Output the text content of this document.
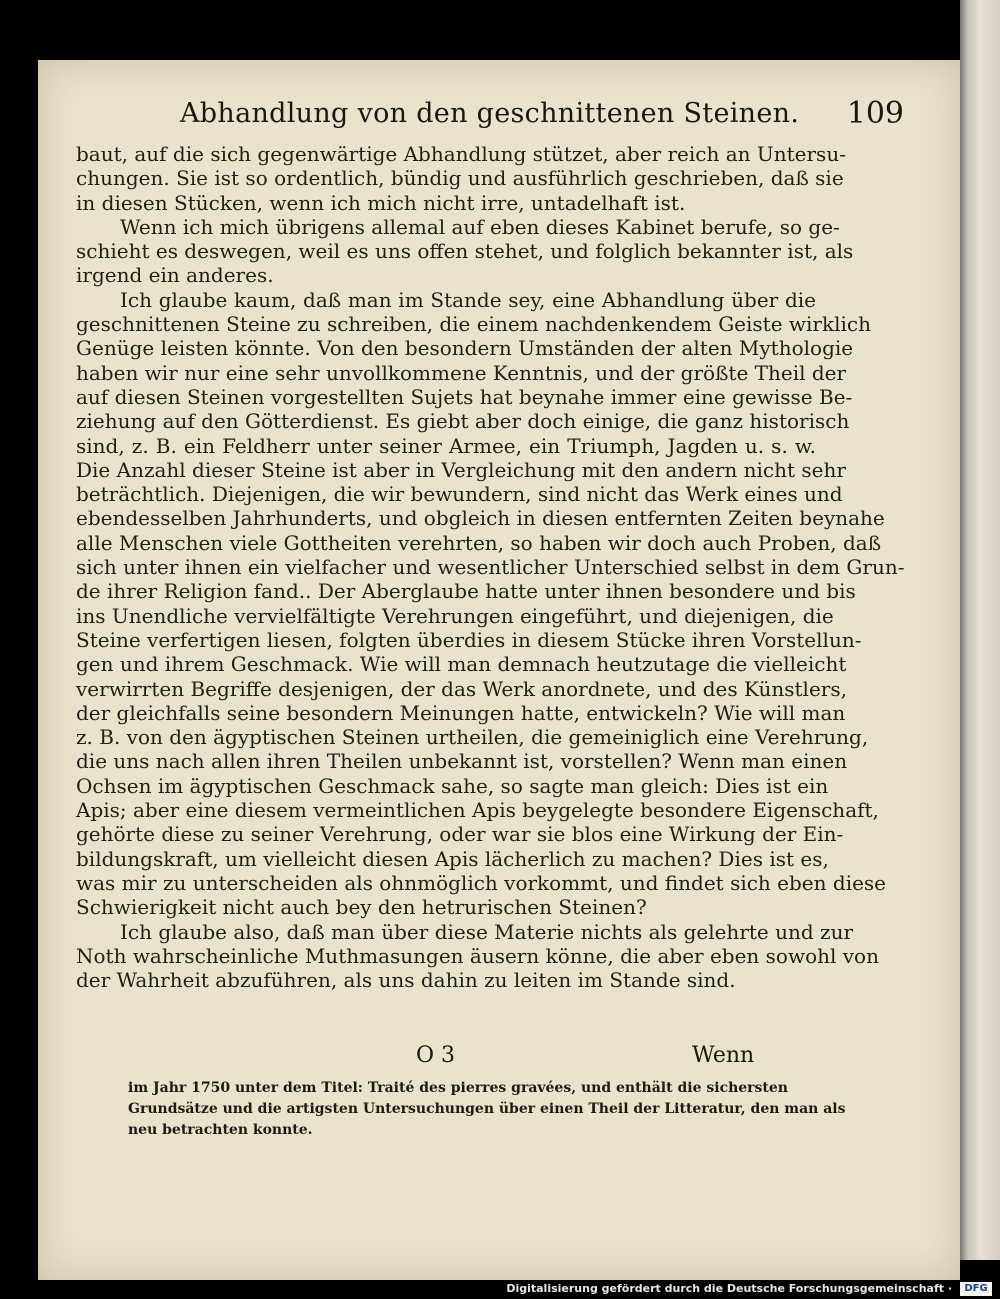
Abhandlung von den geschnittenen Steinen. 109
baut, auf die sich gegenwärtige Abhandlung stützet, aber reich an Untersu-
chungen. Sie ist so ordentlich, bündig und ausführlich geschrieben, daß sie
in diesen Stücken, wenn ich mich nicht irre, untadelhaft ist.
Wenn ich mich übrigens allemal auf eben dieses Kabinet berufe, so ge-
schieht es deswegen, weil es uns offen stehet, und folglich bekannter ist, als
irgend ein anderes.
Ich glaube kaum, daß man im Stande sey, eine Abhandlung über die
geschnittenen Steine zu schreiben, die einem nachdenkendem Geiste wirklich
Genüge leisten könnte. Von den besondern Umständen der alten Mythologie
haben wir nur eine sehr unvollkommene Kenntnis, und der größte Theil der
auf diesen Steinen vorgestellten Sujets hat beynahe immer eine gewisse Be-
ziehung auf den Götterdienst. Es giebt aber doch einige, die ganz historisch
sind, z. B. ein Feldherr unter seiner Armee, ein Triumph, Jagden u. s. w.
Die Anzahl dieser Steine ist aber in Vergleichung mit den andern nicht sehr
beträchtlich. Diejenigen, die wir bewundern, sind nicht das Werk eines und
ebendesselben Jahrhunderts, und obgleich in diesen entfernten Zeiten beynahe
alle Menschen viele Gottheiten verehrten, so haben wir doch auch Proben, daß
sich unter ihnen ein vielfacher und wesentlicher Unterschied selbst in dem Grun-
de ihrer Religion fand.. Der Aberglaube hatte unter ihnen besondere und bis
ins Unendliche vervielfältigte Verehrungen eingeführt, und diejenigen, die
Steine verfertigen liesen, folgten überdies in diesem Stücke ihren Vorstellun-
gen und ihrem Geschmack. Wie will man demnach heutzutage die vielleicht
verwirrten Begriffe desjenigen, der das Werk anordnete, und des Künstlers,
der gleichfalls seine besondern Meinungen hatte, entwickeln? Wie will man
z. B. von den ägyptischen Steinen urtheilen, die gemeiniglich eine Verehrung,
die uns nach allen ihren Theilen unbekannt ist, vorstellen? Wenn man einen
Ochsen im ägyptischen Geschmack sahe, so sagte man gleich: Dies ist ein
Apis; aber eine diesem vermeintlichen Apis beygelegte besondere Eigenschaft,
gehörte diese zu seiner Verehrung, oder war sie blos eine Wirkung der Ein-
bildungskraft, um vielleicht diesen Apis lächerlich zu machen? Dies ist es,
was mir zu unterscheiden als ohnmöglich vorkommt, und findet sich eben diese
Schwierigkeit nicht auch bey den hetrurischen Steinen?
Ich glaube also, daß man über diese Materie nichts als gelehrte und zur
Noth wahrscheinliche Muthmasungen äusern könne, die aber eben sowohl von
der Wahrheit abzuführen, als uns dahin zu leiten im Stande sind.
O 3	Wenn
im Jahr 1750 unter dem Titel: Traité des pierres gravées, und enthält die sichersten
Grundsätze und die artigsten Untersuchungen über einen Theil der Litteratur, den man als
neu betrachten konnte.
Digitalisierung gefördert durch die Deutsche Forschungsgemeinschaft ·	DFG
